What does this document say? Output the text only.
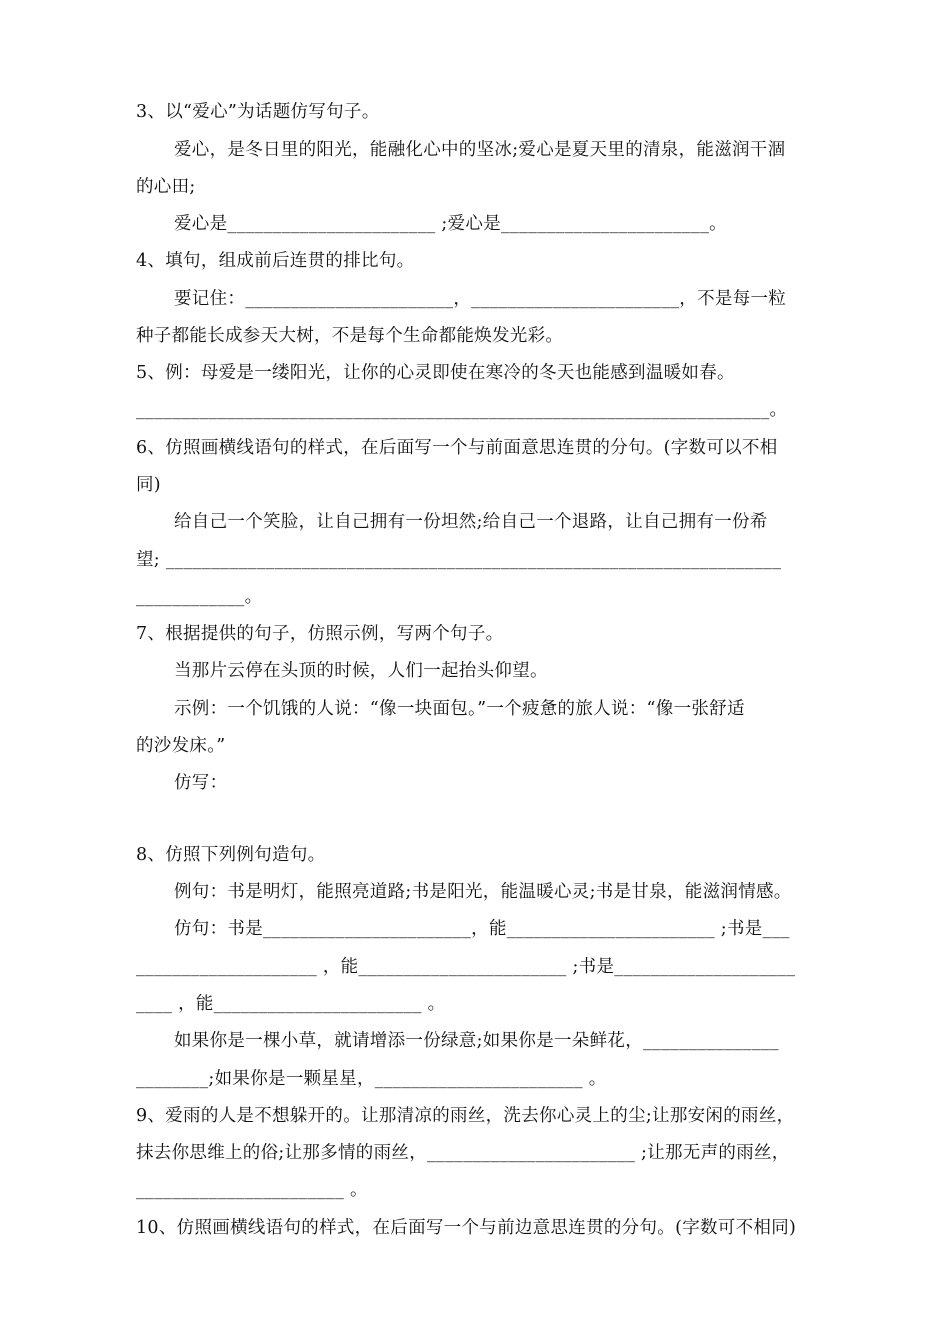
3、以“爱心”为话题仿写句子。
爱心，是冬日里的阳光，能融化心中的坚冰;爱心是夏天里的清泉，能滋润干涸
的心田;
爱心是_______________________ ;爱心是_______________________。
4、填句，组成前后连贯的排比句。
要记住：_______________________，_______________________，不是每一粒
种子都能长成参天大树，不是每个生命都能焕发光彩。
5、例：母爱是一缕阳光，让你的心灵即使在寒冷的冬天也能感到温暖如春。
______________________________________________________________________。
6、仿照画横线语句的样式，在后面写一个与前面意思连贯的分句。(字数可以不相
同)
给自己一个笑脸，让自己拥有一份坦然;给自己一个退路，让自己拥有一份希
望; ____________________________________________________________________
____________。
7、根据提供的句子，仿照示例，写两个句子。
当那片云停在头顶的时候，人们一起抬头仰望。
示例：一个饥饿的人说：“像一块面包。”一个疲惫的旅人说：“像一张舒适
的沙发床。”
仿写：
8、仿照下列例句造句。
例句：书是明灯，能照亮道路;书是阳光，能温暖心灵;书是甘泉，能滋润情感。
仿句：书是_______________________，能_______________________ ;书是___
____________________ ，能_______________________ ;书是____________________
____ ，能_______________________ 。
如果你是一棵小草，就请增添一份绿意;如果你是一朵鲜花，_______________
________;如果你是一颗星星，_______________________ 。
9、爱雨的人是不想躲开的。让那清凉的雨丝，洗去你心灵上的尘;让那安闲的雨丝，
抹去你思维上的俗;让那多情的雨丝，_______________________ ;让那无声的雨丝，
_______________________ 。
10、仿照画横线语句的样式，在后面写一个与前边意思连贯的分句。(字数可不相同)
